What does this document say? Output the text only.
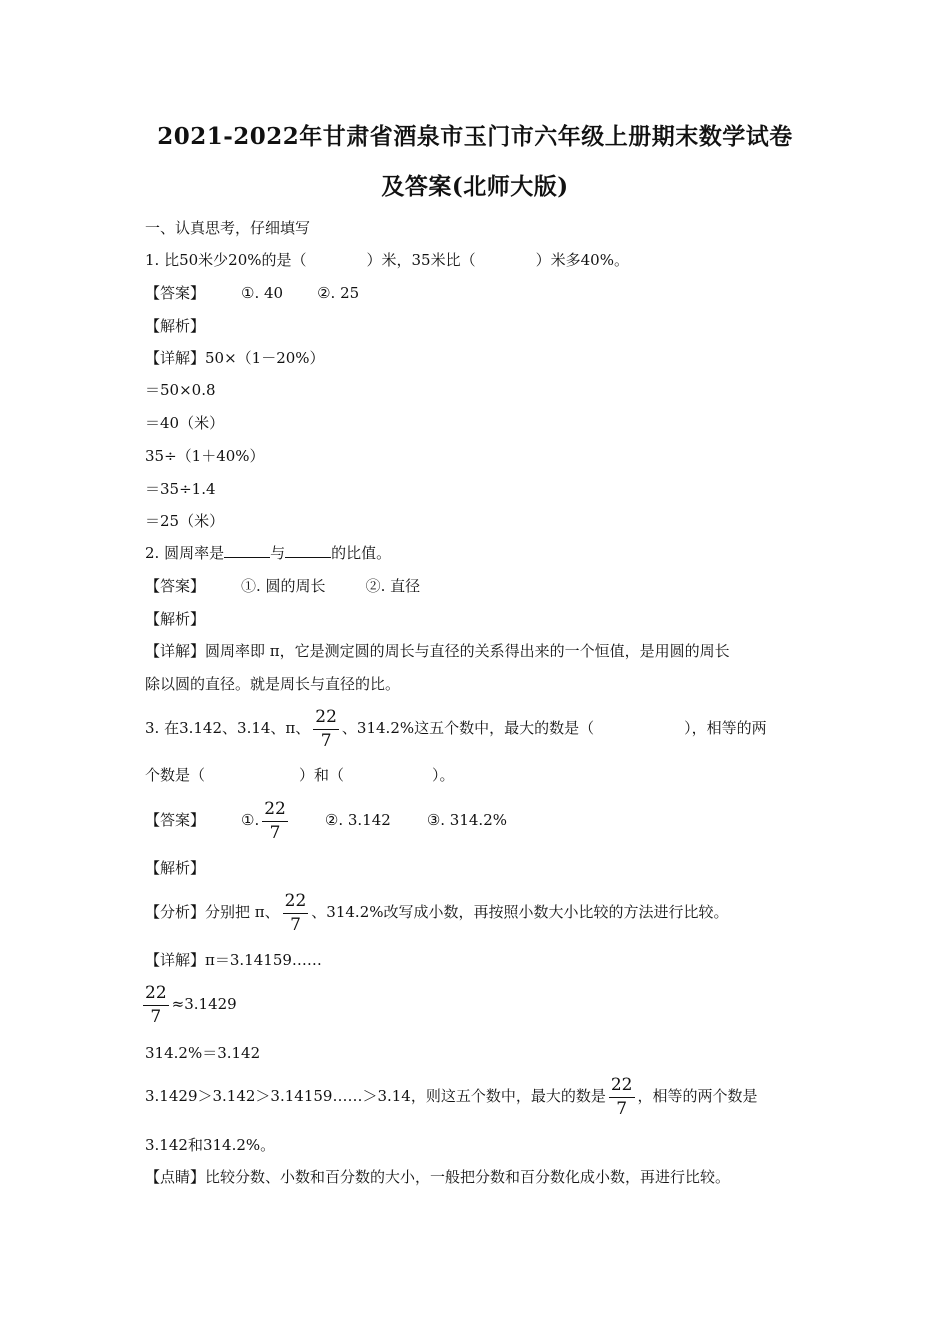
2021-2022年甘肃省酒泉市玉门市六年级上册期末数学试卷
及答案(北师大版)
一、认真思考，仔细填写
1. 比50米少20%的是（	）米，35米比（	）米多40%。
【答案】 ①. 40 ②. 25
【解析】
【详解】50×（1－20%）
＝50×0.8
＝40（米）
35÷（1＋40%）
＝35÷1.4
＝25（米）
2. 圆周率是	与	的比值。
【答案】 ①. 圆的周长	②. 直径
【解析】
【详解】圆周率即 π，它是测定圆的周长与直径的关系得出来的一个恒值，是用圆的周长
除以圆的直径。就是周长与直径的比。
3. 在3.142、3.14、π、 $\frac{22}{7}$ 、314.2%这五个数中，最大的数是（	），相等的两
个数是（	）和（	）。
【答案】 ①. $\frac{22}{7}$ ②. 3.142 ③. 314.2%
【解析】
【分析】分别把 π、 $\frac{22}{7}$ 、314.2%改写成小数，再按照小数大小比较的方法进行比较。
【详解】π＝3.14159……
$\frac{22}{7} \approx 3.1429$
314.2%＝3.142
3.1429＞3.142＞3.14159……＞3.14，则这五个数中，最大的数是 $\frac{22}{7}$ ，相等的两个数是
3.142和314.2%。
【点睛】比较分数、小数和百分数的大小，一般把分数和百分数化成小数，再进行比较。
